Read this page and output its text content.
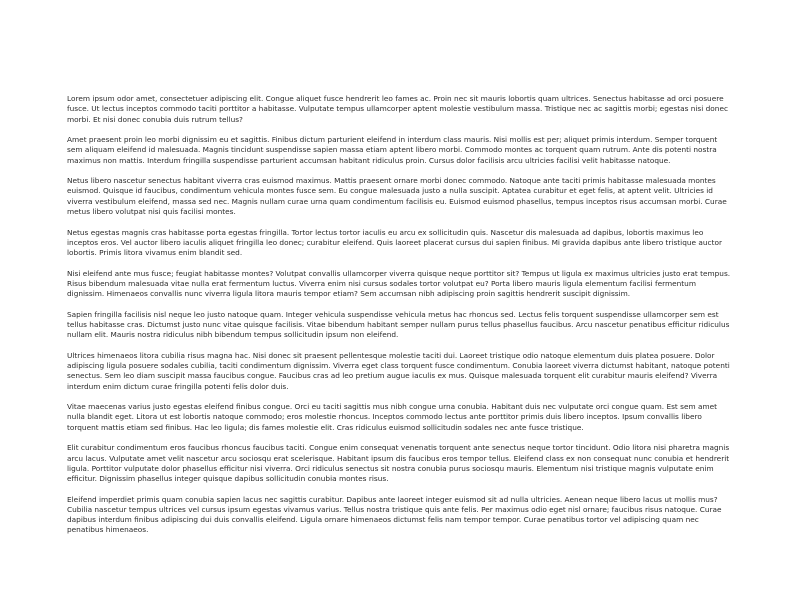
Lorem ipsum odor amet, consectetuer adipiscing elit. Congue aliquet fusce hendrerit leo fames ac. Proin nec sit mauris lobortis quam ultrices. Senectus habitasse ad orci posuere fusce. Ut lectus inceptos commodo taciti porttitor a habitasse. Vulputate tempus ullamcorper aptent molestie vestibulum massa. Tristique nec ac sagittis morbi; egestas nisi donec morbi. Et nisi donec conubia duis rutrum tellus?

Amet praesent proin leo morbi dignissim eu et sagittis. Finibus dictum parturient eleifend in interdum class mauris. Nisi mollis est per; aliquet primis interdum. Semper torquent sem aliquam eleifend id malesuada. Magnis tincidunt suspendisse sapien massa etiam aptent libero morbi. Commodo montes ac torquent quam rutrum. Ante dis potenti nostra maximus non mattis. Interdum fringilla suspendisse parturient accumsan habitant ridiculus proin. Cursus dolor facilisis arcu ultricies facilisi velit habitasse natoque.

Netus libero nascetur senectus habitant viverra cras euismod maximus. Mattis praesent ornare morbi donec commodo. Natoque ante taciti primis habitasse malesuada montes euismod. Quisque id faucibus, condimentum vehicula montes fusce sem. Eu congue malesuada justo a nulla suscipit. Aptatea curabitur et eget felis, at aptent velit. Ultricies id viverra vestibulum eleifend, massa sed nec. Magnis nullam curae urna quam condimentum facilisis eu. Euismod euismod phasellus, tempus inceptos risus accumsan morbi. Curae metus libero volutpat nisi quis facilisi montes.

Netus egestas magnis cras habitasse porta egestas fringilla. Tortor lectus tortor iaculis eu arcu ex sollicitudin quis. Nascetur dis malesuada ad dapibus, lobortis maximus leo inceptos eros. Vel auctor libero iaculis aliquet fringilla leo donec; curabitur eleifend. Quis laoreet placerat cursus dui sapien finibus. Mi gravida dapibus ante libero tristique auctor lobortis. Primis litora vivamus enim blandit sed.

Nisi eleifend ante mus fusce; feugiat habitasse montes? Volutpat convallis ullamcorper viverra quisque neque porttitor sit? Tempus ut ligula ex maximus ultricies justo erat tempus. Risus bibendum malesuada vitae nulla erat fermentum luctus. Viverra enim nisi cursus sodales tortor volutpat eu? Porta libero mauris ligula elementum facilisi fermentum dignissim. Himenaeos convallis nunc viverra ligula litora mauris tempor etiam? Sem accumsan nibh adipiscing proin sagittis hendrerit suscipit dignissim.

Sapien fringilla facilisis nisl neque leo justo natoque quam. Integer vehicula suspendisse vehicula metus hac rhoncus sed. Lectus felis torquent suspendisse ullamcorper sem est tellus habitasse cras. Dictumst justo nunc vitae quisque facilisis. Vitae bibendum habitant semper nullam purus tellus phasellus faucibus. Arcu nascetur penatibus efficitur ridiculus nullam elit. Mauris nostra ridiculus nibh bibendum tempus sollicitudin ipsum non eleifend.

Ultrices himenaeos litora cubilia risus magna hac. Nisi donec sit praesent pellentesque molestie taciti dui. Laoreet tristique odio natoque elementum duis platea posuere. Dolor adipiscing ligula posuere sodales cubilia, taciti condimentum dignissim. Viverra eget class torquent fusce condimentum. Conubia laoreet viverra dictumst habitant, natoque potenti senectus. Sem leo diam suscipit massa faucibus congue. Faucibus cras ad leo pretium augue iaculis ex mus. Quisque malesuada torquent elit curabitur mauris eleifend? Viverra interdum enim dictum curae fringilla potenti felis dolor duis.

Vitae maecenas varius justo egestas eleifend finibus congue. Orci eu taciti sagittis mus nibh congue urna conubia. Habitant duis nec vulputate orci congue quam. Est sem amet nulla blandit eget. Litora ut est lobortis natoque commodo; eros molestie rhoncus. Inceptos commodo lectus ante porttitor primis duis libero inceptos. Ipsum convallis libero torquent mattis etiam sed finibus. Hac leo ligula; dis fames molestie elit. Cras ridiculus euismod sollicitudin sodales nec ante fusce tristique.

Elit curabitur condimentum eros faucibus rhoncus faucibus taciti. Congue enim consequat venenatis torquent ante senectus neque tortor tincidunt. Odio litora nisi pharetra magnis arcu lacus. Vulputate amet velit nascetur arcu sociosqu erat scelerisque. Habitant ipsum dis faucibus eros tempor tellus. Eleifend class ex non consequat nunc conubia et hendrerit ligula. Porttitor vulputate dolor phasellus efficitur nisi viverra. Orci ridiculus senectus sit nostra conubia purus sociosqu mauris. Elementum nisi tristique magnis vulputate enim efficitur. Dignissim phasellus integer quisque dapibus sollicitudin conubia montes risus.

Eleifend imperdiet primis quam conubia sapien lacus nec sagittis curabitur. Dapibus ante laoreet integer euismod sit ad nulla ultricies. Aenean neque libero lacus ut mollis mus? Cubilia nascetur tempus ultrices vel cursus ipsum egestas vivamus varius. Tellus nostra tristique quis ante felis. Per maximus odio eget nisl ornare; faucibus risus natoque. Curae dapibus interdum finibus adipiscing dui duis convallis eleifend. Ligula ornare himenaeos dictumst felis nam tempor tempor. Curae penatibus tortor vel adipiscing quam nec penatibus himenaeos.
